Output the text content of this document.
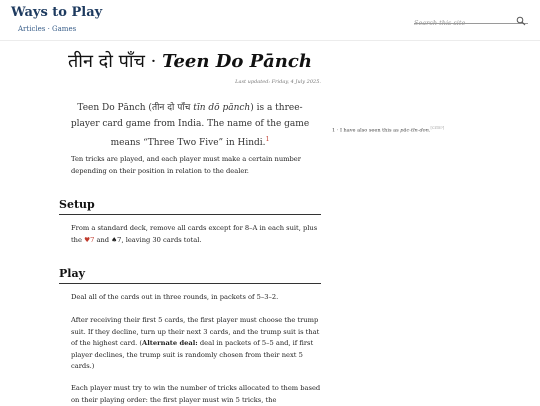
Ways to Play
Articles · Games
Search this site
तीन दो पाँच · Teen Do Pānch
Last updated: Friday, 4 July 2025.

Teen Do Pānch (तीन दो पाँच tīn dō pānch) is a three-player card game from India. The name of the game means “Three Two Five” in Hindi.$^1$

1 · I have also seen this as pāc-tīn-don.[CITE?]

Ten tricks are played, and each player must make a certain number depending on their position in relation to the dealer.

Setup

From a standard deck, remove all cards except for 8–A in each suit, plus the ♥7 and ♠7, leaving 30 cards total.

Play

Deal all of the cards out in three rounds, in packets of 5–3–2.

After receiving their first 5 cards, the first player must choose the trump suit. If they decline, turn up their next 3 cards, and the trump suit is that of the highest card. (Alternate deal: deal in packets of 5–5 and, if first player declines, the trump suit is randomly chosen from their next 5 cards.)

Each player must try to win the number of tricks allocated to them based on their playing order: the first player must win 5 tricks, the
